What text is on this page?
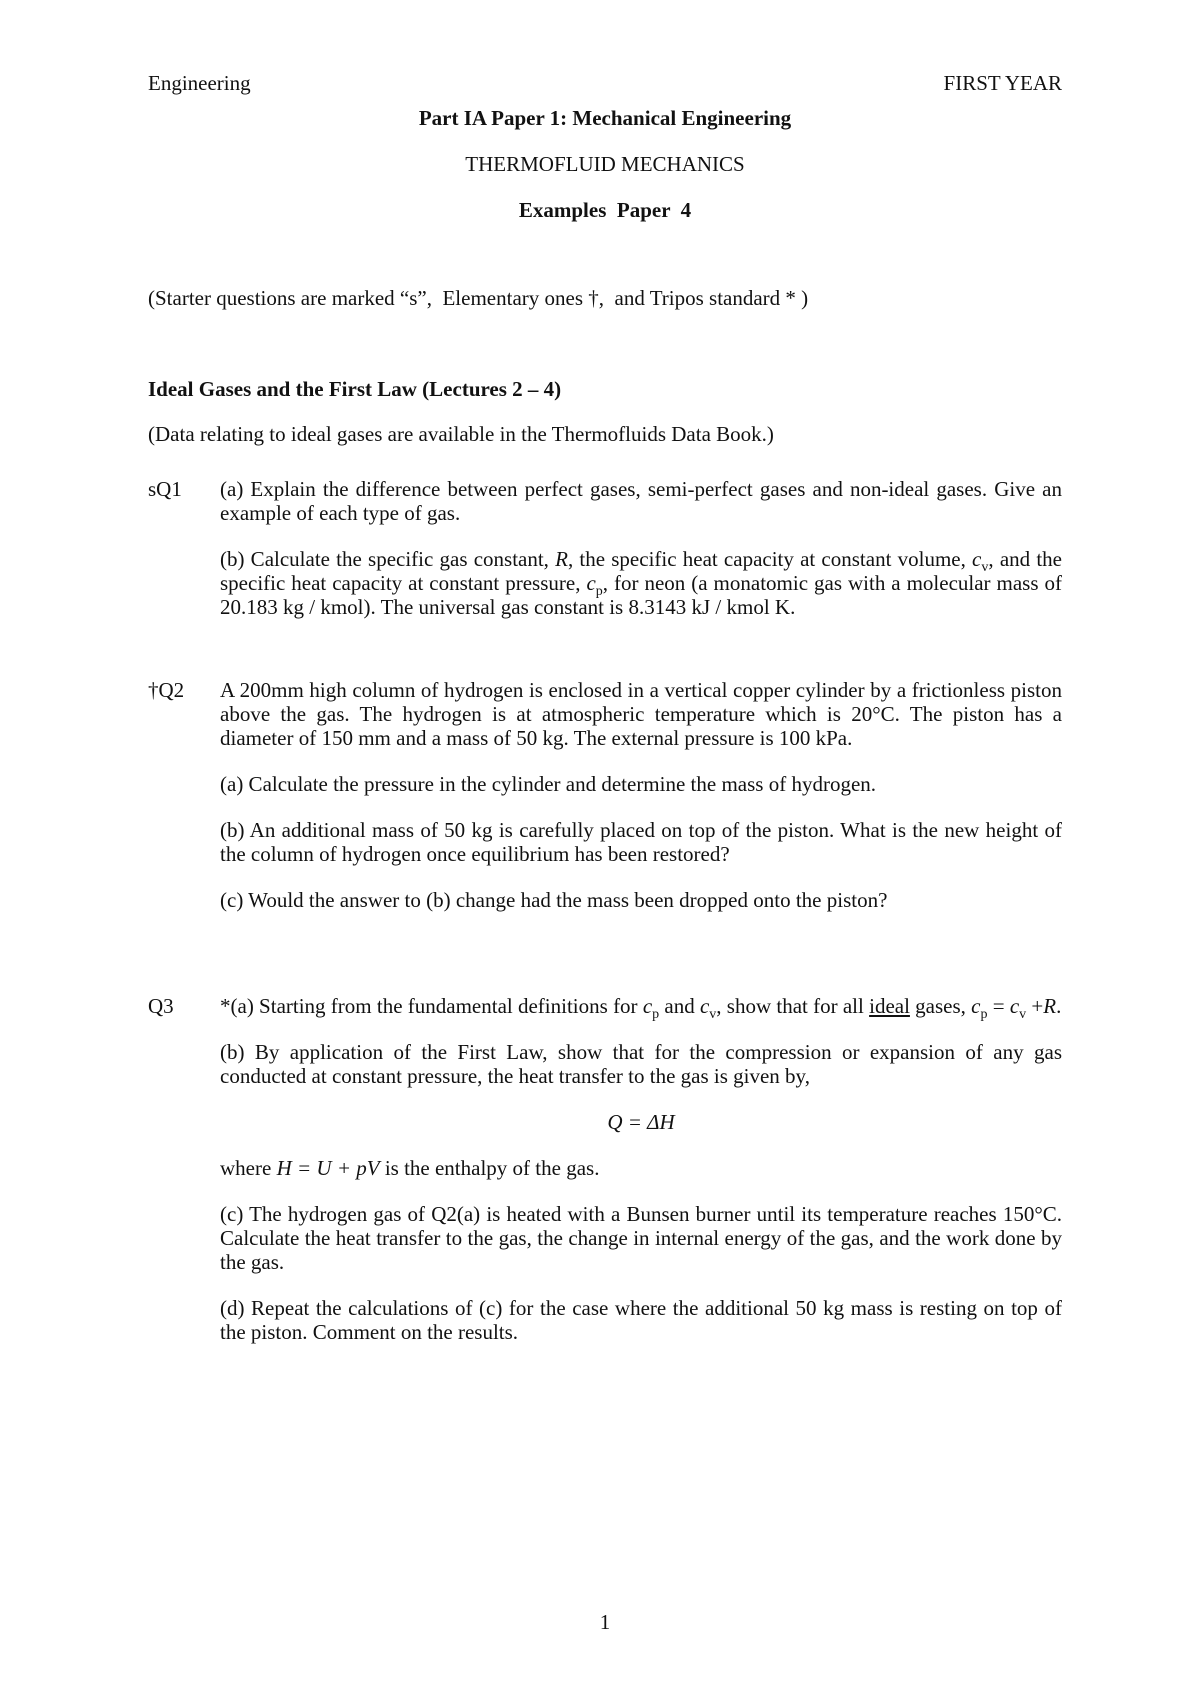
Engineering	FIRST YEAR
Part IA Paper 1: Mechanical Engineering
THERMOFLUID MECHANICS
Examples  Paper  4
(Starter questions are marked “s”,  Elementary ones †,  and Tripos standard * )
Ideal Gases and the First Law (Lectures 2 – 4)
(Data relating to ideal gases are available in the Thermofluids Data Book.)
sQ1	(a) Explain the difference between perfect gases, semi-perfect gases and non-ideal gases. Give an example of each type of gas.

(b) Calculate the specific gas constant, R, the specific heat capacity at constant volume, $c_v$, and the specific heat capacity at constant pressure, $c_p$, for neon (a monatomic gas with a molecular mass of 20.183 kg / kmol). The universal gas constant is 8.3143 kJ / kmol K.

†Q2	A 200mm high column of hydrogen is enclosed in a vertical copper cylinder by a frictionless piston above the gas. The hydrogen is at atmospheric temperature which is 20°C. The piston has a diameter of 150 mm and a mass of 50 kg. The external pressure is 100 kPa.

(a) Calculate the pressure in the cylinder and determine the mass of hydrogen.

(b) An additional mass of 50 kg is carefully placed on top of the piston. What is the new height of the column of hydrogen once equilibrium has been restored?

(c) Would the answer to (b) change had the mass been dropped onto the piston?

Q3	*(a) Starting from the fundamental definitions for $c_p$ and $c_v$, show that for all ideal gases, $c_p = c_v +R$.

(b) By application of the First Law, show that for the compression or expansion of any gas conducted at constant pressure, the heat transfer to the gas is given by,

Q = ΔH

where H = U + pV is the enthalpy of the gas.

(c) The hydrogen gas of Q2(a) is heated with a Bunsen burner until its temperature reaches 150°C. Calculate the heat transfer to the gas, the change in internal energy of the gas, and the work done by the gas.

(d) Repeat the calculations of (c) for the case where the additional 50 kg mass is resting on top of the piston. Comment on the results.

1
